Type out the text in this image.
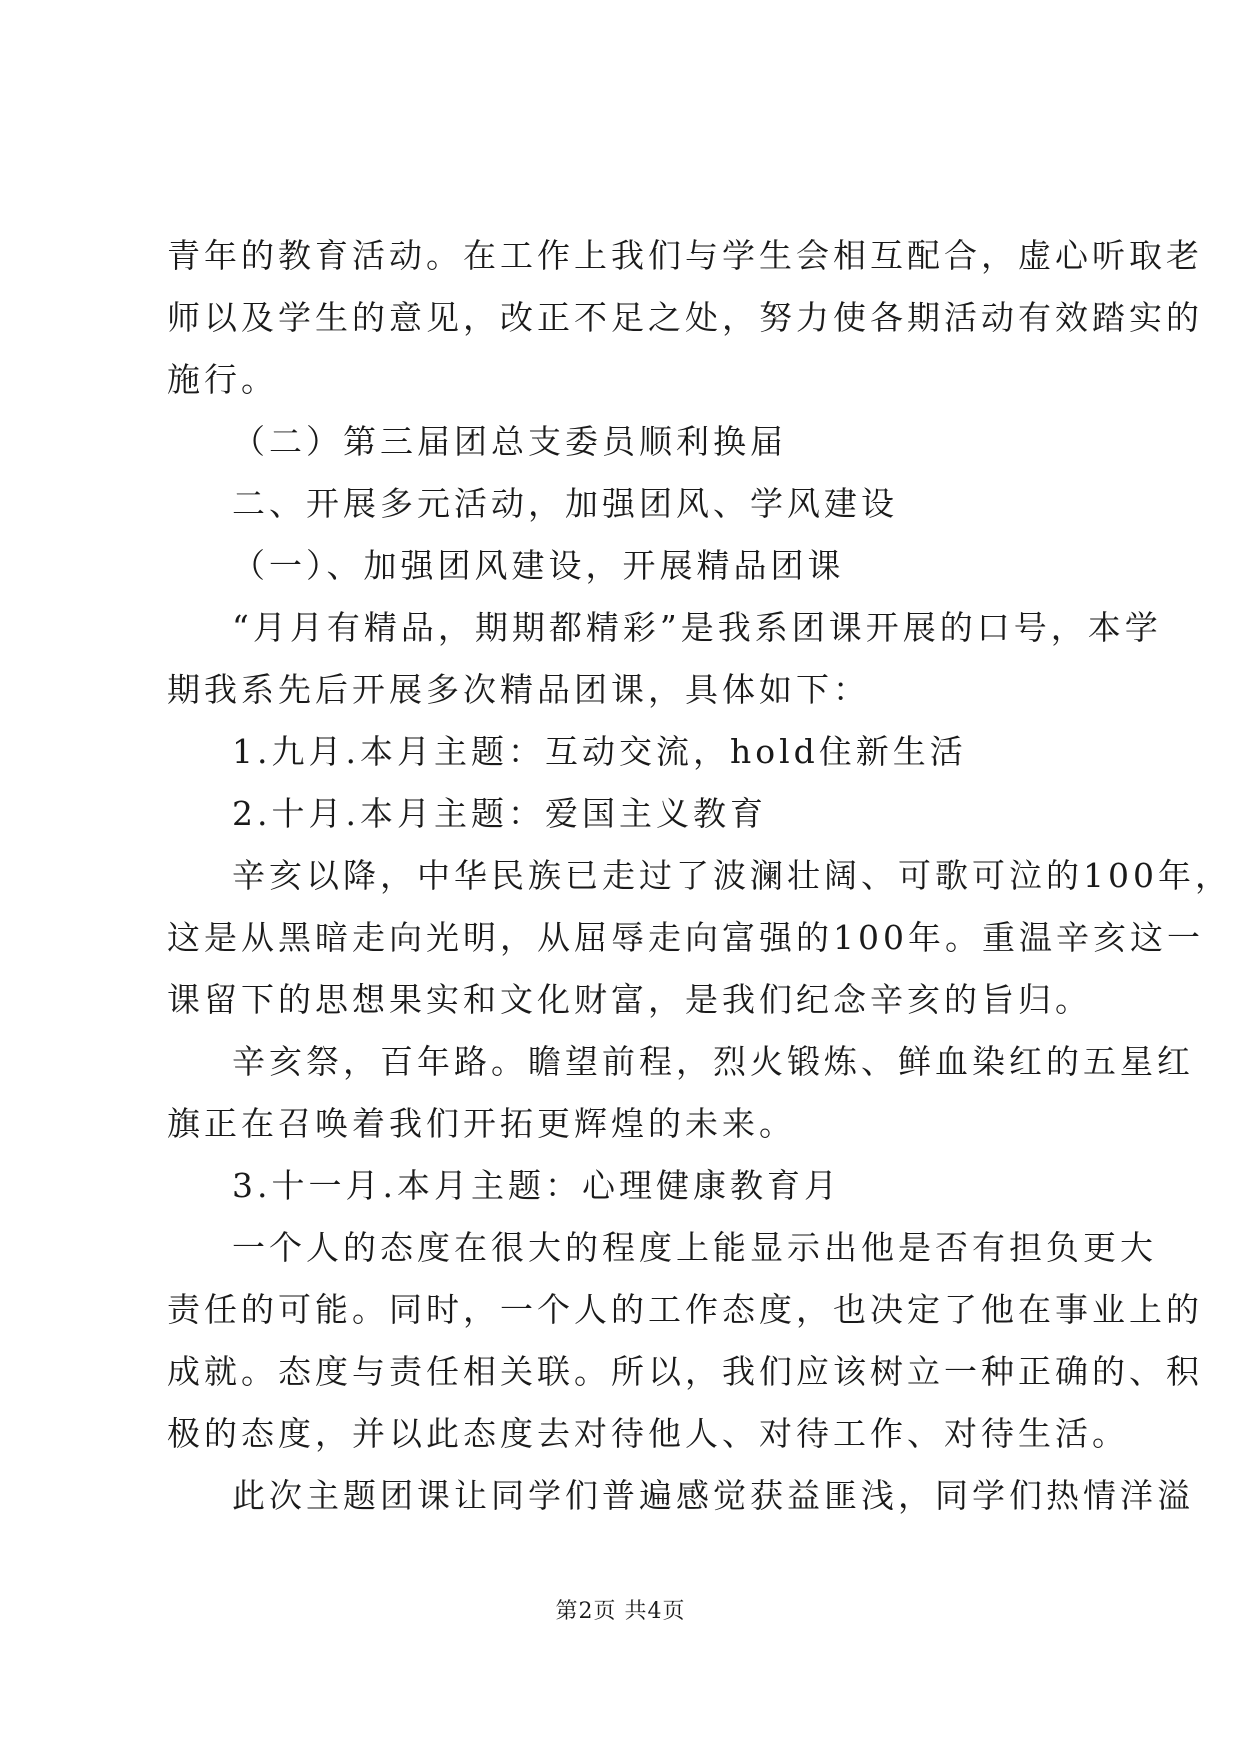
青年的教育活动。在工作上我们与学生会相互配合，虚心听取老
师以及学生的意见，改正不足之处，努力使各期活动有效踏实的
施行。
（二）第三届团总支委员顺利换届
二、开展多元活动，加强团风、学风建设
（一）、加强团风建设，开展精品团课
“月月有精品，期期都精彩”是我系团课开展的口号，本学
期我系先后开展多次精品团课，具体如下：
1.九月.本月主题：互动交流，hold住新生活
2.十月.本月主题：爱国主义教育
辛亥以降，中华民族已走过了波澜壮阔、可歌可泣的100年，
这是从黑暗走向光明，从屈辱走向富强的100年。重温辛亥这一
课留下的思想果实和文化财富，是我们纪念辛亥的旨归。
辛亥祭，百年路。瞻望前程，烈火锻炼、鲜血染红的五星红
旗正在召唤着我们开拓更辉煌的未来。
3.十一月.本月主题：心理健康教育月
一个人的态度在很大的程度上能显示出他是否有担负更大
责任的可能。同时，一个人的工作态度，也决定了他在事业上的
成就。态度与责任相关联。所以，我们应该树立一种正确的、积
极的态度，并以此态度去对待他人、对待工作、对待生活。
此次主题团课让同学们普遍感觉获益匪浅，同学们热情洋溢
第2页 共4页
